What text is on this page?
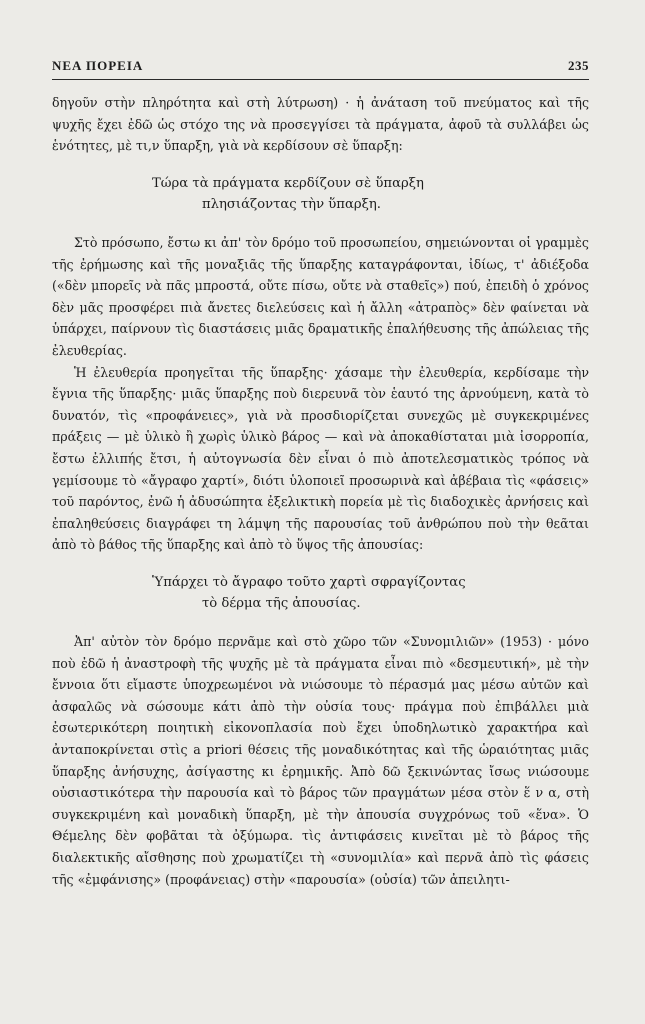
ΝΕΑ ΠΟΡΕΙΑ	235

δηγοῦν στὴν πληρότητα καὶ στὴ λύτρωση) · ἡ ἀνάταση τοῦ πνεύματος καὶ τῆς ψυχῆς ἔχει ἐδῶ ὡς στόχο της νὰ προσεγγίσει τὰ πράγματα, ἀφοῦ τὰ συλλάβει ὡς ἑνότητες, μὲ τι,ν ὕπαρξη, γιὰ νὰ κερδίσουν σὲ ὕπαρξη:

Τώρα τὰ πράγματα κερδίζουν σὲ ὕπαρξη
πλησιάζοντας τὴν ὕπαρξη.

Στὸ πρόσωπο, ἔστω κι ἀπ' τὸν δρόμο τοῦ προσωπείου, σημειώνονται οἱ γραμμὲς τῆς ἐρήμωσης καὶ τῆς μοναξιᾶς τῆς ὕπαρξης καταγράφονται, ἰδίως, τ' ἀδιέξοδα («δὲν μπορεῖς νὰ πᾶς μπροστά, οὔτε πίσω, οὔτε νὰ σταθεῖς») πού, ἐπειδὴ ὁ χρόνος δὲν μᾶς προσφέρει πιὰ ἄνετες διελεύσεις καὶ ἡ ἄλλη «ἀτραπὸς» δὲν φαίνεται νὰ ὑπάρχει, παίρνουν τὶς διαστάσεις μιᾶς δραματικῆς ἐπαλήθευσης τῆς ἀπώλειας τῆς ἐλευθερίας.

Ἡ ἐλευθερία προηγεῖται τῆς ὕπαρξης· χάσαμε τὴν ἐλευθερία, κερδίσαμε τὴν ἔγνια τῆς ὕπαρξης· μιᾶς ὕπαρξης ποὺ διερευνᾶ τὸν ἑαυτό της ἀρνούμενη, κατὰ τὸ δυνατόν, τὶς «προφάνειες», γιὰ νὰ προσδιορίζεται συνεχῶς μὲ συγκεκριμένες πράξεις — μὲ ὑλικὸ ἢ χωρὶς ὑλικὸ βάρος — καὶ νὰ ἀποκαθίσταται μιὰ ἰσορροπία, ἔστω ἐλλιπής ἔτσι, ἡ αὐτογνωσία δὲν εἶναι ὁ πιὸ ἀποτελεσματικὸς τρόπος νὰ γεμίσουμε τὸ «ἄγραφο χαρτί», διότι ὑλοποιεῖ προσωρινὰ καὶ ἀβέβαια τὶς «φάσεις» τοῦ παρόντος, ἐνῶ ἡ ἀδυσώπητα ἐξελικτικὴ πορεία μὲ τὶς διαδοχικὲς ἀρνήσεις καὶ ἐπαληθεύσεις διαγράφει τη λάμψη τῆς παρουσίας τοῦ ἀνθρώπου ποὺ τὴν θεᾶται ἀπὸ τὸ βάθος τῆς ὕπαρξης καὶ ἀπὸ τὸ ὕψος τῆς ἀπουσίας:

Ὑπάρχει τὸ ἄγραφο τοῦτο χαρτὶ σφραγίζοντας
τὸ δέρμα τῆς ἀπουσίας.

Ἀπ' αὐτὸν τὸν δρόμο περνᾶμε καὶ στὸ χῶρο τῶν «Συνομιλιῶν» (1953) · μόνο ποὺ ἐδῶ ἡ ἀναστροφὴ τῆς ψυχῆς μὲ τὰ πράγματα εἶναι πιὸ «δεσμευτική», μὲ τὴν ἔννοια ὅτι εἴμαστε ὑποχρεωμένοι νὰ νιώσουμε τὸ πέρασμά μας μέσω αὐτῶν καὶ ἀσφαλῶς νὰ σώσουμε κάτι ἀπὸ τὴν οὐσία τους· πράγμα ποὺ ἐπιβάλλει μιὰ ἐσωτερικότερη ποιητικὴ εἰκονοπλασία ποὺ ἔχει ὑποδηλωτικὸ χαρακτήρα καὶ ἀνταποκρίνεται στὶς a priori θέσεις τῆς μοναδικότητας καὶ τῆς ὡραιότητας μιᾶς ὕπαρξης ἀνήσυχης, ἀσίγαστης κι ἐρημικῆς. Ἀπὸ δῶ ξεκινώντας ἴσως νιώσουμε οὐσιαστικότερα τὴν παρουσία καὶ τὸ βάρος τῶν πραγμάτων μέσα στὸν ἕ ν α, στὴ συγκεκριμένη καὶ μοναδικὴ ὕπαρξη, μὲ τὴν ἀπουσία συγχρόνως τοῦ «ἕνα». Ὁ Θέμελης δὲν φοβᾶται τὰ ὀξύμωρα. τὶς ἀντιφάσεις κινεῖται μὲ τὸ βάρος τῆς διαλεκτικῆς αἴσθησης ποὺ χρωματίζει τὴ «συνομιλία» καὶ περνᾶ ἀπὸ τὶς φάσεις τῆς «ἐμφάνισης» (προφάνειας) στὴν «παρουσία» (οὐσία) τῶν ἀπειλητι-
